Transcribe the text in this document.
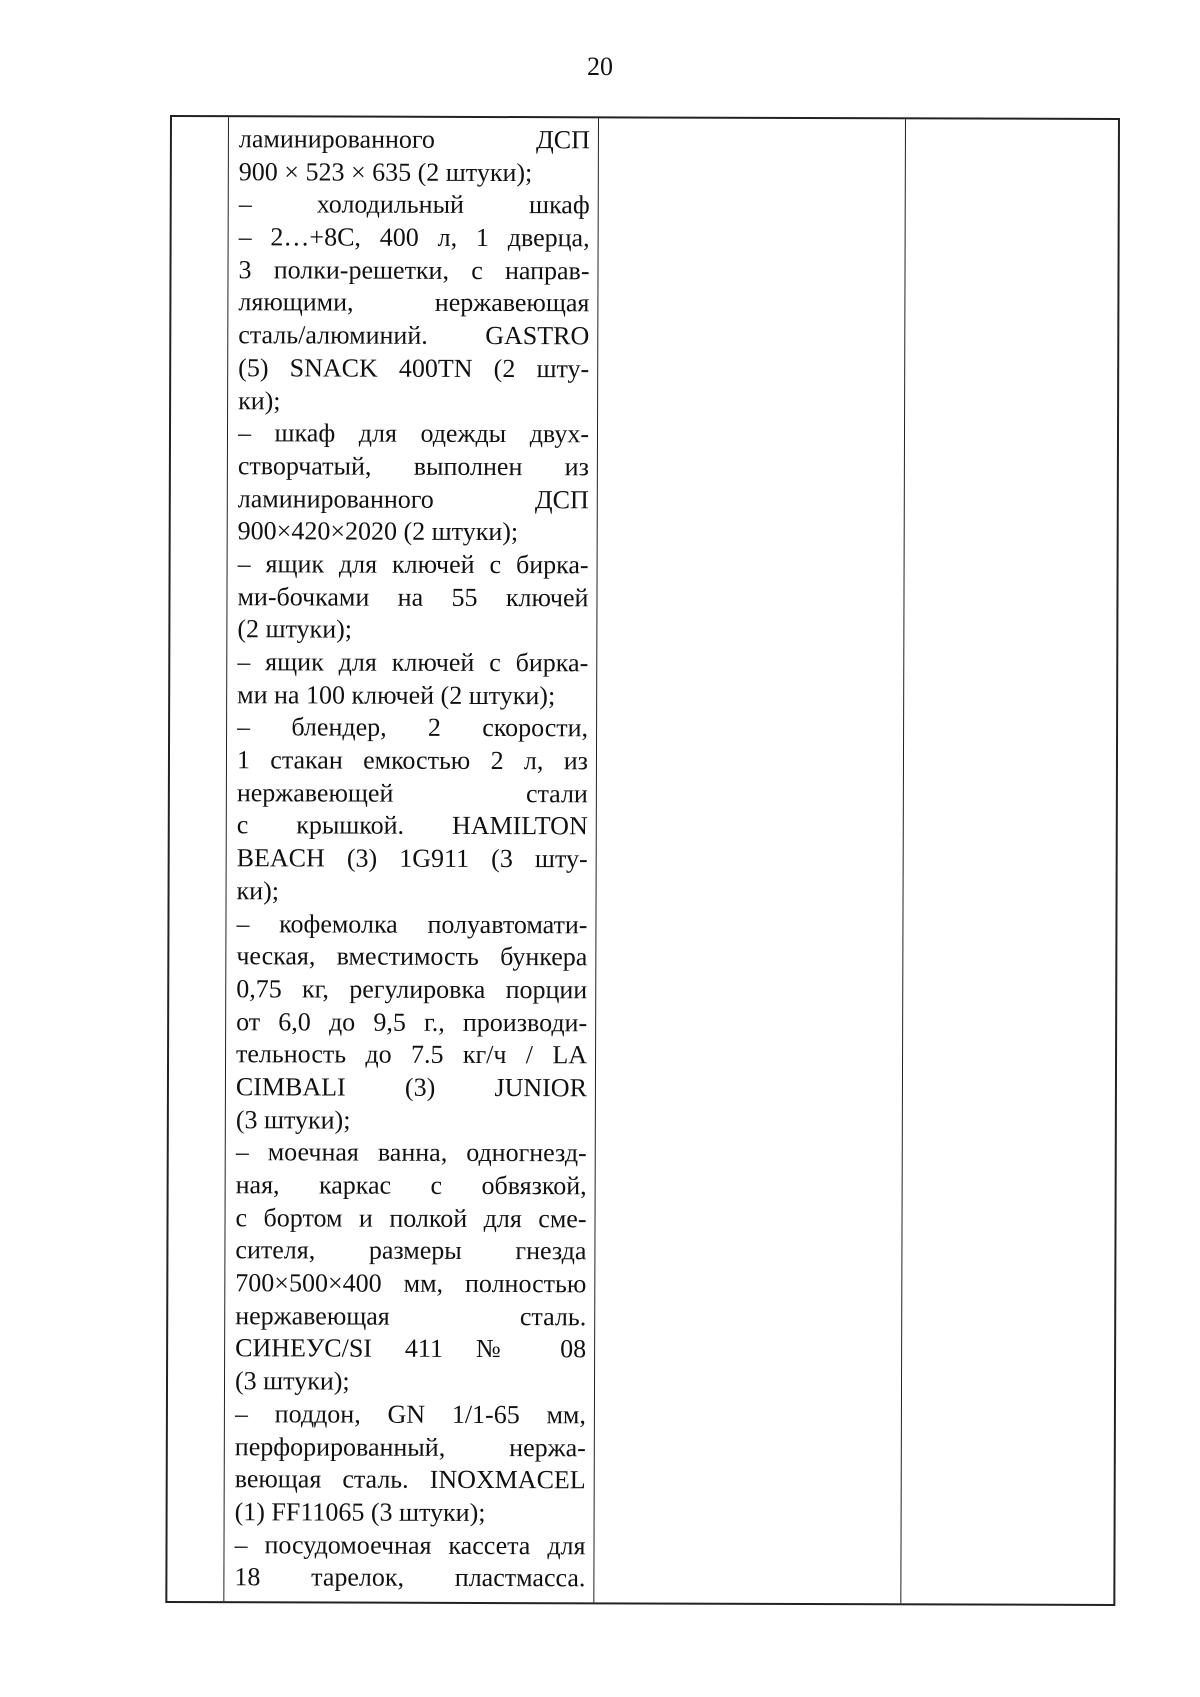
20
ламинированного ДСП
900 × 523 × 635 (2 штуки);
– холодильный шкаф
– 2…+8С, 400 л, 1 дверца,
3 полки-решетки, с направ-
ляющими, нержавеющая
сталь/алюминий. GASTRO
(5) SNACK 400TN (2 шту-
ки);
– шкаф для одежды двух-
створчатый, выполнен из
ламинированного ДСП
900×420×2020 (2 штуки);
– ящик для ключей с бирка-
ми-бочками на 55 ключей
(2 штуки);
– ящик для ключей с бирка-
ми на 100 ключей (2 штуки);
– блендер, 2 скорости,
1 стакан емкостью 2 л, из
нержавеющей стали
с крышкой. HAMILTON
BEACH (3) 1G911 (3 шту-
ки);
– кофемолка полуавтомати-
ческая, вместимость бункера
0,75 кг, регулировка порции
от 6,0 до 9,5 г., производи-
тельность до 7.5 кг/ч / LA
CIMBALI (3) JUNIOR
(3 штуки);
– моечная ванна, одногнезд-
ная, каркас с обвязкой,
с бортом и полкой для сме-
сителя, размеры гнезда
700×500×400 мм, полностью
нержавеющая сталь.
СИНЕУС/SI 411 № 08
(3 штуки);
– поддон, GN 1/1-65 мм,
перфорированный, нержа-
веющая сталь. INOXMACEL
(1) FF11065 (3 штуки);
– посудомоечная кассета для
18 тарелок, пластмасса.
